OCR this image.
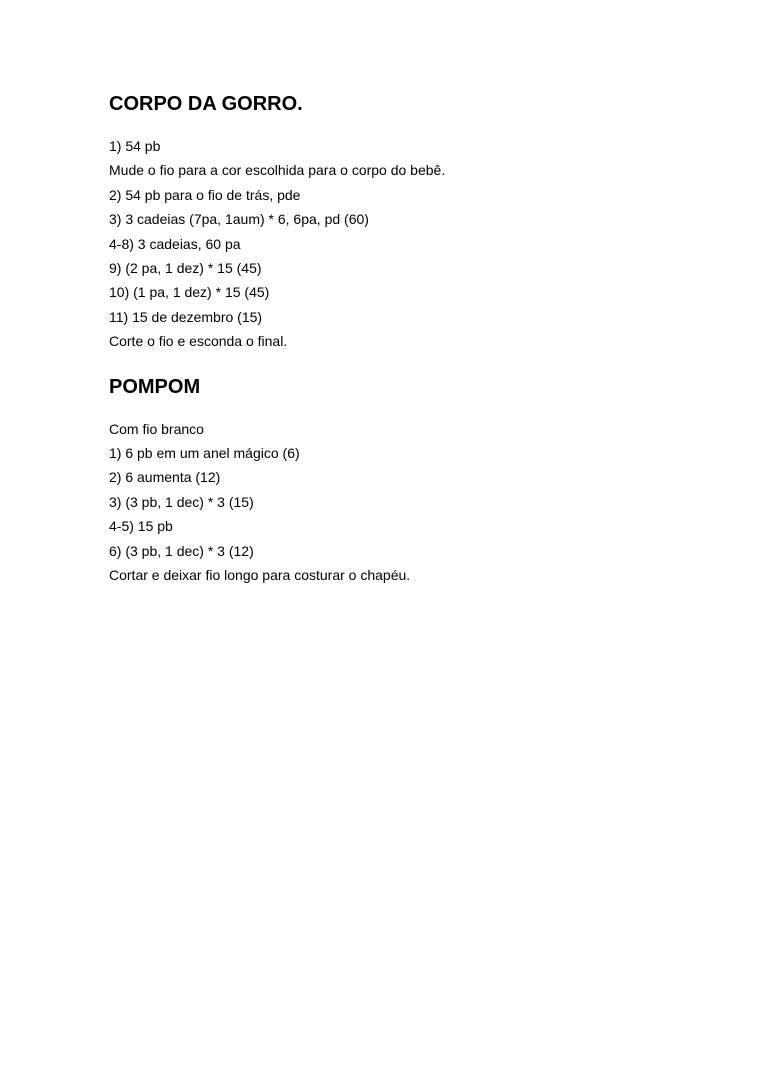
CORPO DA GORRO.

1) 54 pb

Mude o fio para a cor escolhida para o corpo do bebê.

2) 54 pb para o fio de trás, pde

3) 3 cadeias (7pa, 1aum) * 6, 6pa, pd (60)

4-8) 3 cadeias, 60 pa

9) (2 pa, 1 dez) * 15 (45)

10) (1 pa, 1 dez) * 15 (45)

11) 15 de dezembro (15)

Corte o fio e esconda o final.

POMPOM

Com fio branco

1) 6 pb em um anel mágico (6)

2) 6 aumenta (12)

3) (3 pb, 1 dec) * 3 (15)

4-5) 15 pb

6) (3 pb, 1 dec) * 3 (12)

Cortar e deixar fio longo para costurar o chapéu.
